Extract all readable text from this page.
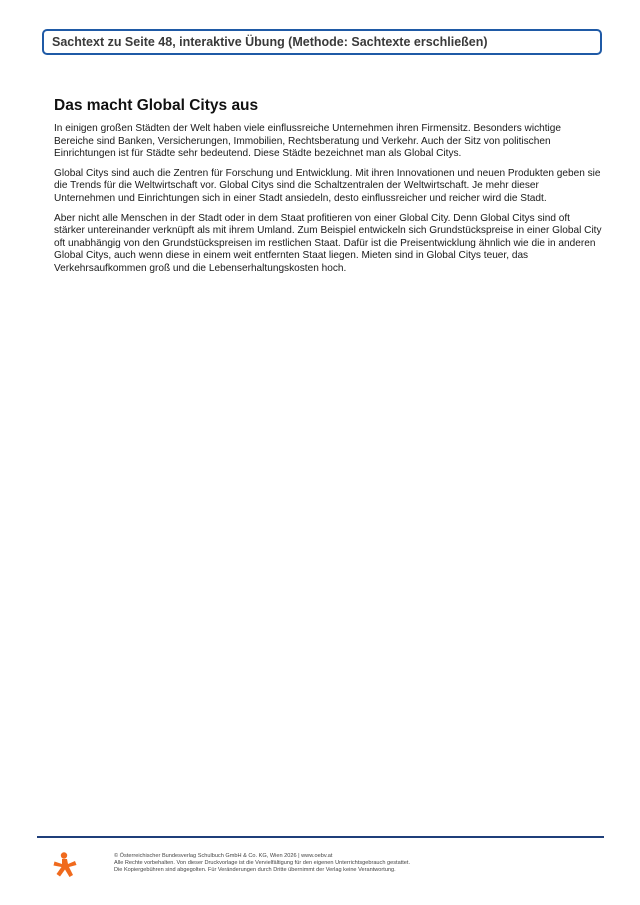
Sachtext zu Seite 48, interaktive Übung (Methode: Sachtexte erschließen)
Das macht Global Citys aus

In einigen großen Städten der Welt haben viele einflussreiche Unternehmen ihren Firmensitz. Besonders wichtige Bereiche sind Banken, Versicherungen, Immobilien, Rechtsberatung und Verkehr. Auch der Sitz von politischen Einrichtungen ist für Städte sehr bedeutend. Diese Städte bezeichnet man als Global Citys.

Global Citys sind auch die Zentren für Forschung und Entwicklung. Mit ihren Innovationen und neuen Produkten geben sie die Trends für die Weltwirtschaft vor. Global Citys sind die Schaltzentralen der Weltwirtschaft. Je mehr dieser Unternehmen und Einrichtungen sich in einer Stadt ansiedeln, desto einflussreicher und reicher wird die Stadt.

Aber nicht alle Menschen in der Stadt oder in dem Staat profitieren von einer Global City. Denn Global Citys sind oft stärker untereinander verknüpft als mit ihrem Umland. Zum Beispiel entwickeln sich Grundstückspreise in einer Global City oft unabhängig von den Grundstückspreisen im restlichen Staat. Dafür ist die Preisentwicklung ähnlich wie die in anderen Global Citys, auch wenn diese in einem weit entfernten Staat liegen. Mieten sind in Global Citys teuer, das Verkehrsaufkommen groß und die Lebenserhaltungskosten hoch.

© Österreichischer Bundesverlag Schulbuch GmbH & Co. KG, Wien 2026 | www.oebv.at
Alle Rechte vorbehalten. Von dieser Druckvorlage ist die Vervielfältigung für den eigenen Unterrichtsgebrauch gestattet.
Die Kopiergebühren sind abgegolten. Für Veränderungen durch Dritte übernimmt der Verlag keine Verantwortung.
